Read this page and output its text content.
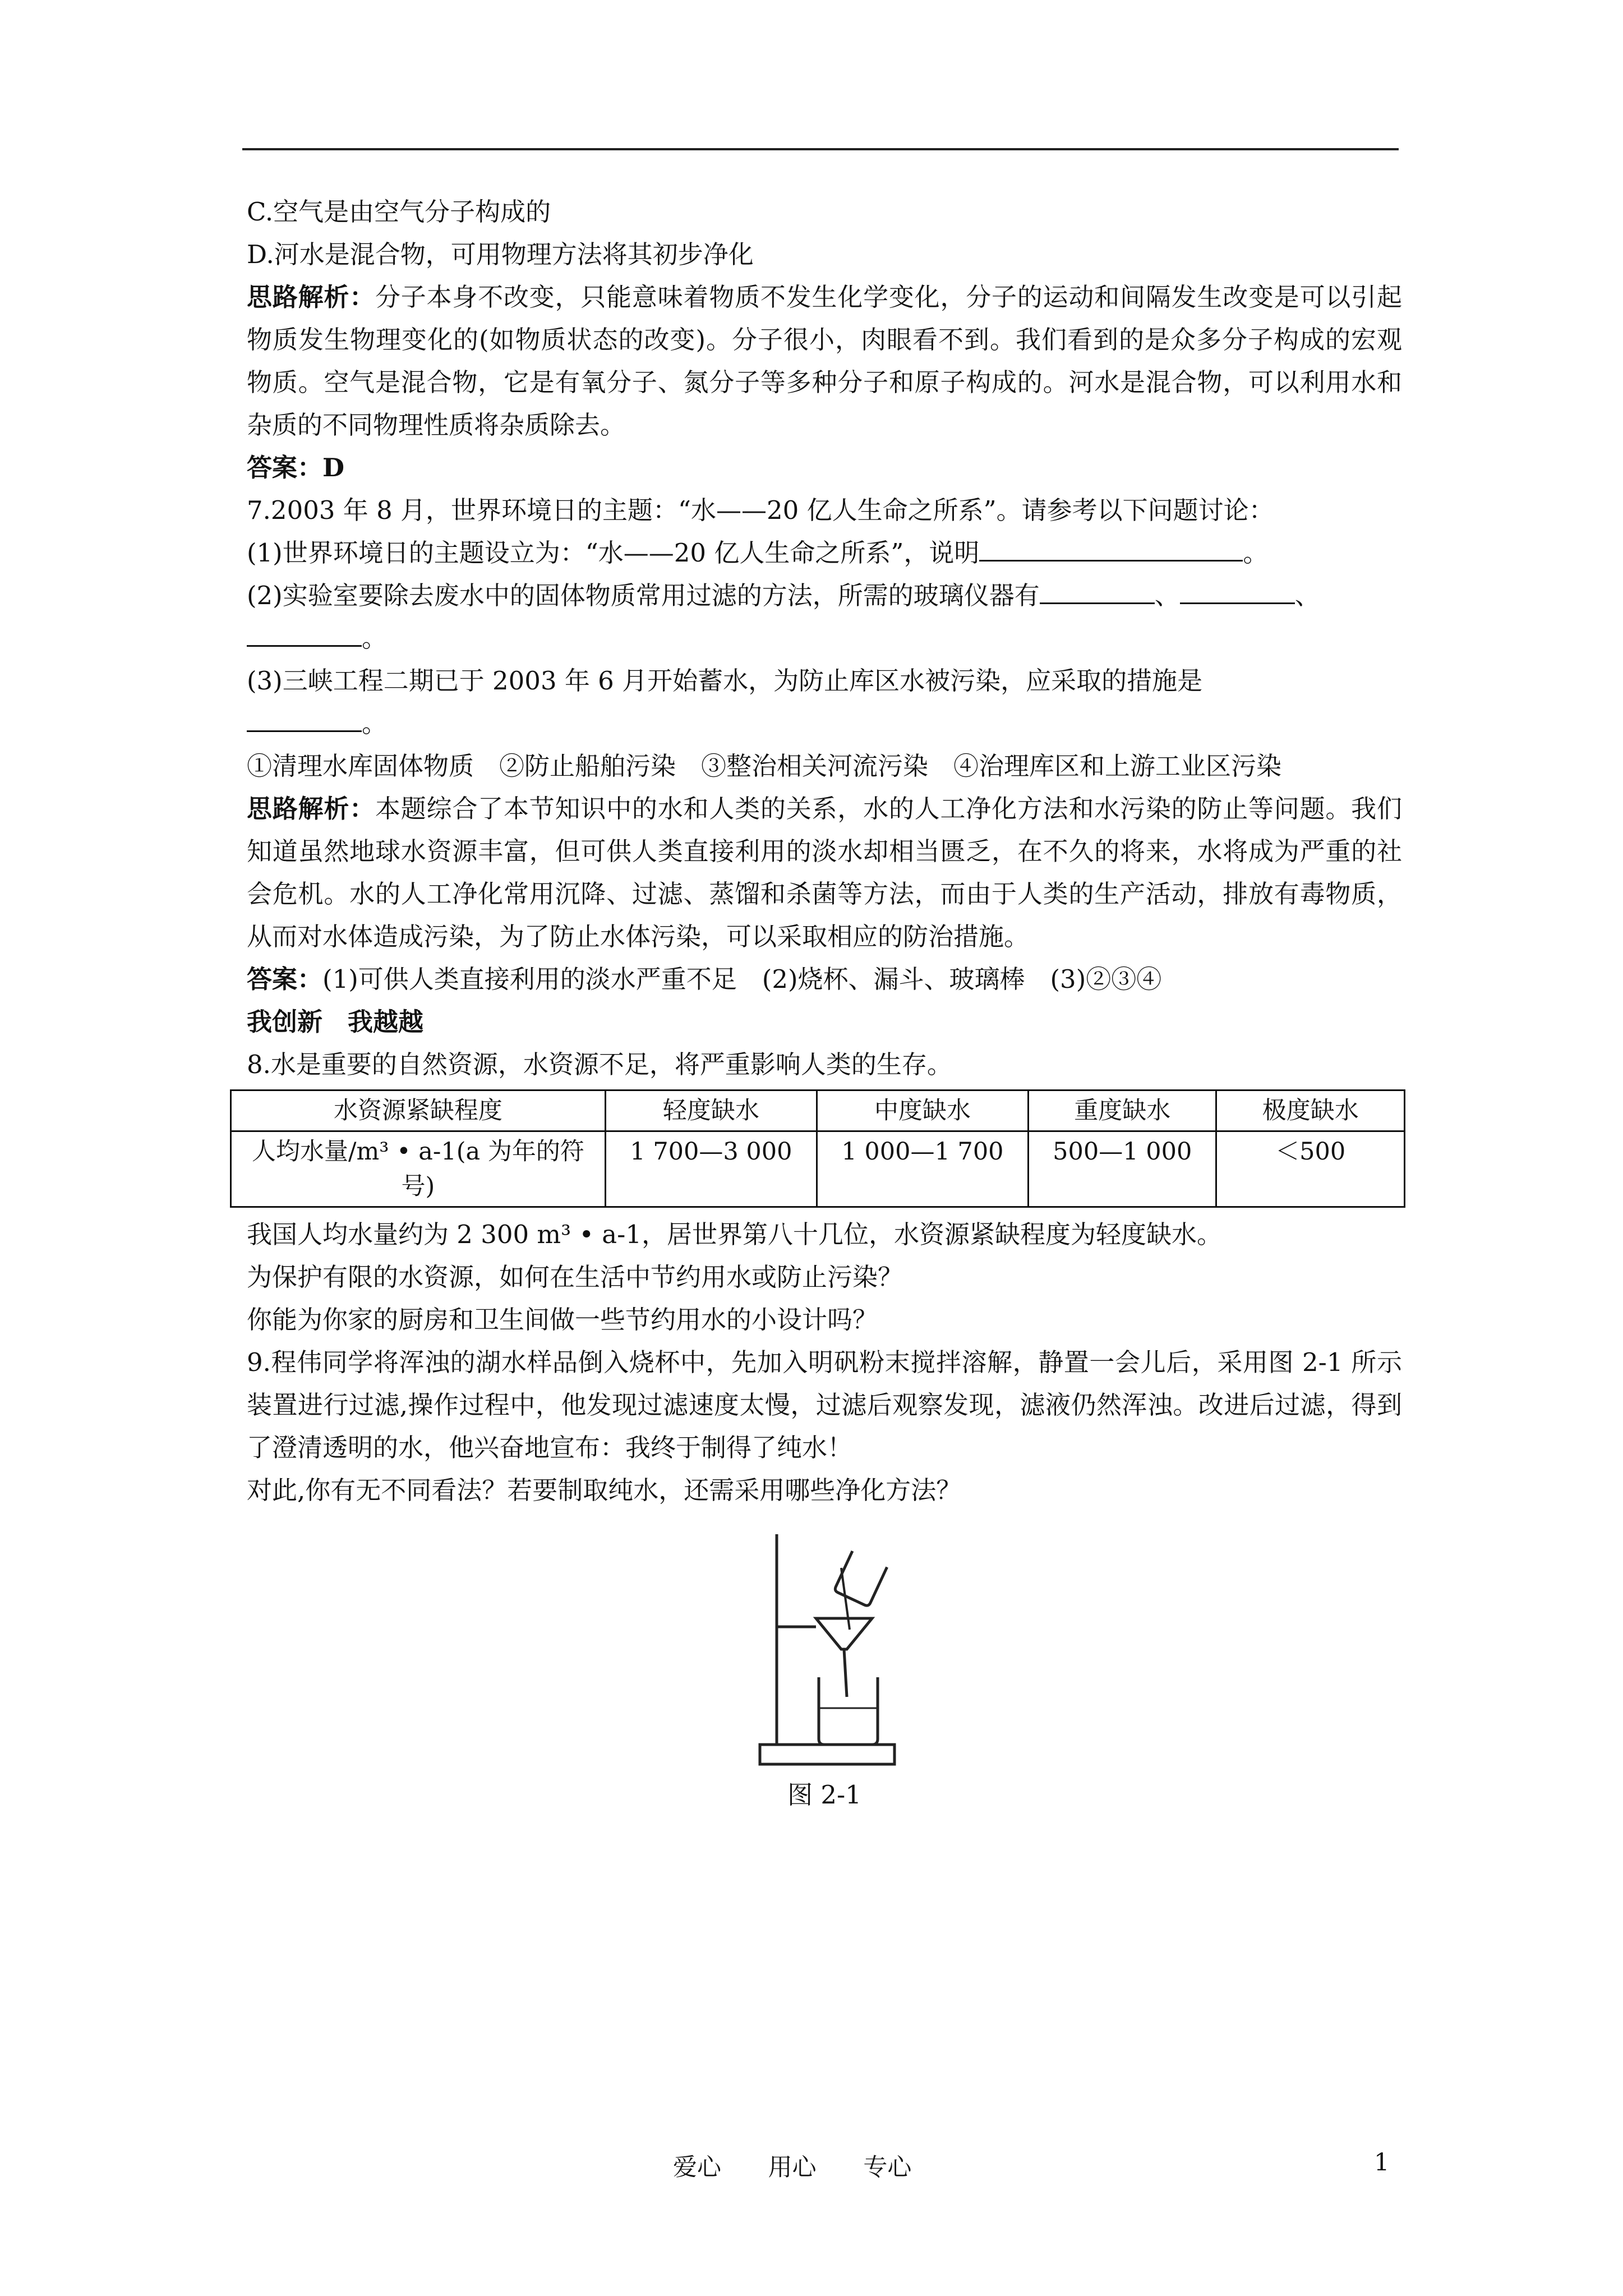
C.空气是由空气分子构成的
D.河水是混合物，可用物理方法将其初步净化
思路解析：分子本身不改变，只能意味着物质不发生化学变化，分子的运动和间隔发生改变是可以引起物质发生物理变化的(如物质状态的改变)。分子很小，肉眼看不到。我们看到的是众多分子构成的宏观物质。空气是混合物，它是有氧分子、氮分子等多种分子和原子构成的。河水是混合物，可以利用水和杂质的不同物理性质将杂质除去。
答案：D
7.2003 年 8 月，世界环境日的主题：“水——20 亿人生命之所系”。请参考以下问题讨论：
(1)世界环境日的主题设立为：“水——20 亿人生命之所系”，说明	。
(2)实验室要除去废水中的固体物质常用过滤的方法，所需的玻璃仪器有	、	、
。
(3)三峡工程二期已于 2003 年 6 月开始蓄水，为防止库区水被污染，应采取的措施是
。
①清理水库固体物质　②防止船舶污染　③整治相关河流污染　④治理库区和上游工业区污染
思路解析：本题综合了本节知识中的水和人类的关系，水的人工净化方法和水污染的防止等问题。我们知道虽然地球水资源丰富，但可供人类直接利用的淡水却相当匮乏，在不久的将来，水将成为严重的社会危机。水的人工净化常用沉降、过滤、蒸馏和杀菌等方法，而由于人类的生产活动，排放有毒物质，从而对水体造成污染，为了防止水体污染，可以采取相应的防治措施。
答案：(1)可供人类直接利用的淡水严重不足　(2)烧杯、漏斗、玻璃棒　(3)②③④
我创新　我越越
8.水是重要的自然资源，水资源不足，将严重影响人类的生存。
水资源紧缺程度	轻度缺水	中度缺水	重度缺水	极度缺水
人均水量/m³ • a-1(a 为年的符号)	1 700—3 000	1 000—1 700	500—1 000	＜500
我国人均水量约为 2 300 m³ • a-1，居世界第八十几位，水资源紧缺程度为轻度缺水。
为保护有限的水资源，如何在生活中节约用水或防止污染？
你能为你家的厨房和卫生间做一些节约用水的小设计吗？
9.程伟同学将浑浊的湖水样品倒入烧杯中，先加入明矾粉末搅拌溶解，静置一会儿后，采用图 2-1 所示装置进行过滤,操作过程中，他发现过滤速度太慢，过滤后观察发现，滤液仍然浑浊。改进后过滤，得到了澄清透明的水，他兴奋地宣布：我终于制得了纯水！
对此,你有无不同看法？若要制取纯水，还需采用哪些净化方法？
图 2-1
爱心 用心 专心	1
